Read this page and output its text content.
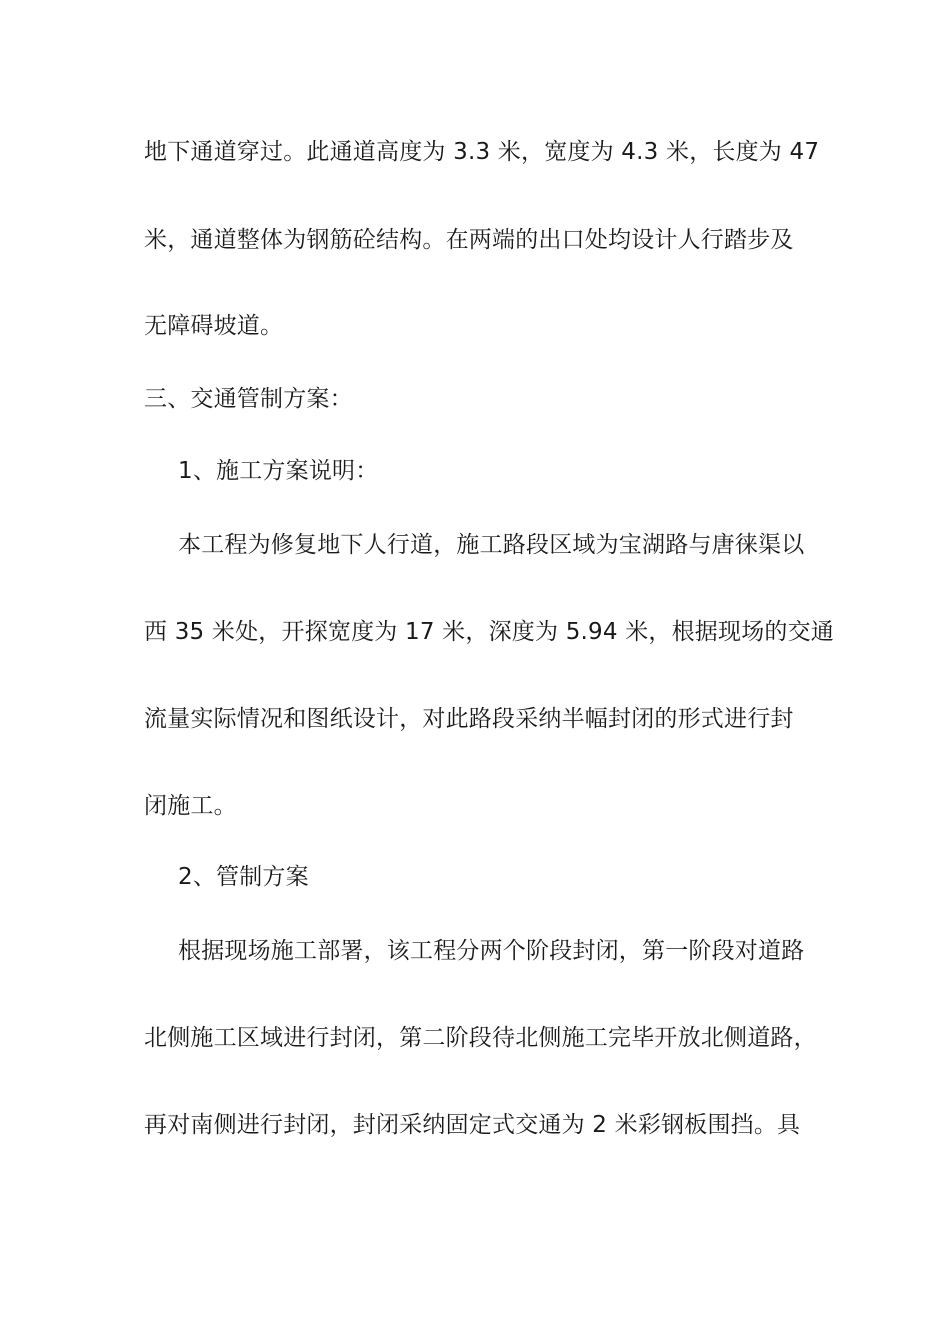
地下通道穿过。此通道高度为 3.3 米，宽度为 4.3 米，长度为 47
米，通道整体为钢筋砼结构。在两端的出口处均设计人行踏步及
无障碍坡道。
三、交通管制方案：
1、施工方案说明：
本工程为修复地下人行道，施工路段区域为宝湖路与唐徕渠以
西 35 米处，开探宽度为 17 米，深度为 5.94 米，根据现场的交通
流量实际情况和图纸设计，对此路段采纳半幅封闭的形式进行封
闭施工。
2、管制方案
根据现场施工部署，该工程分两个阶段封闭，第一阶段对道路
北侧施工区域进行封闭，第二阶段待北侧施工完毕开放北侧道路，
再对南侧进行封闭，封闭采纳固定式交通为 2 米彩钢板围挡。具
